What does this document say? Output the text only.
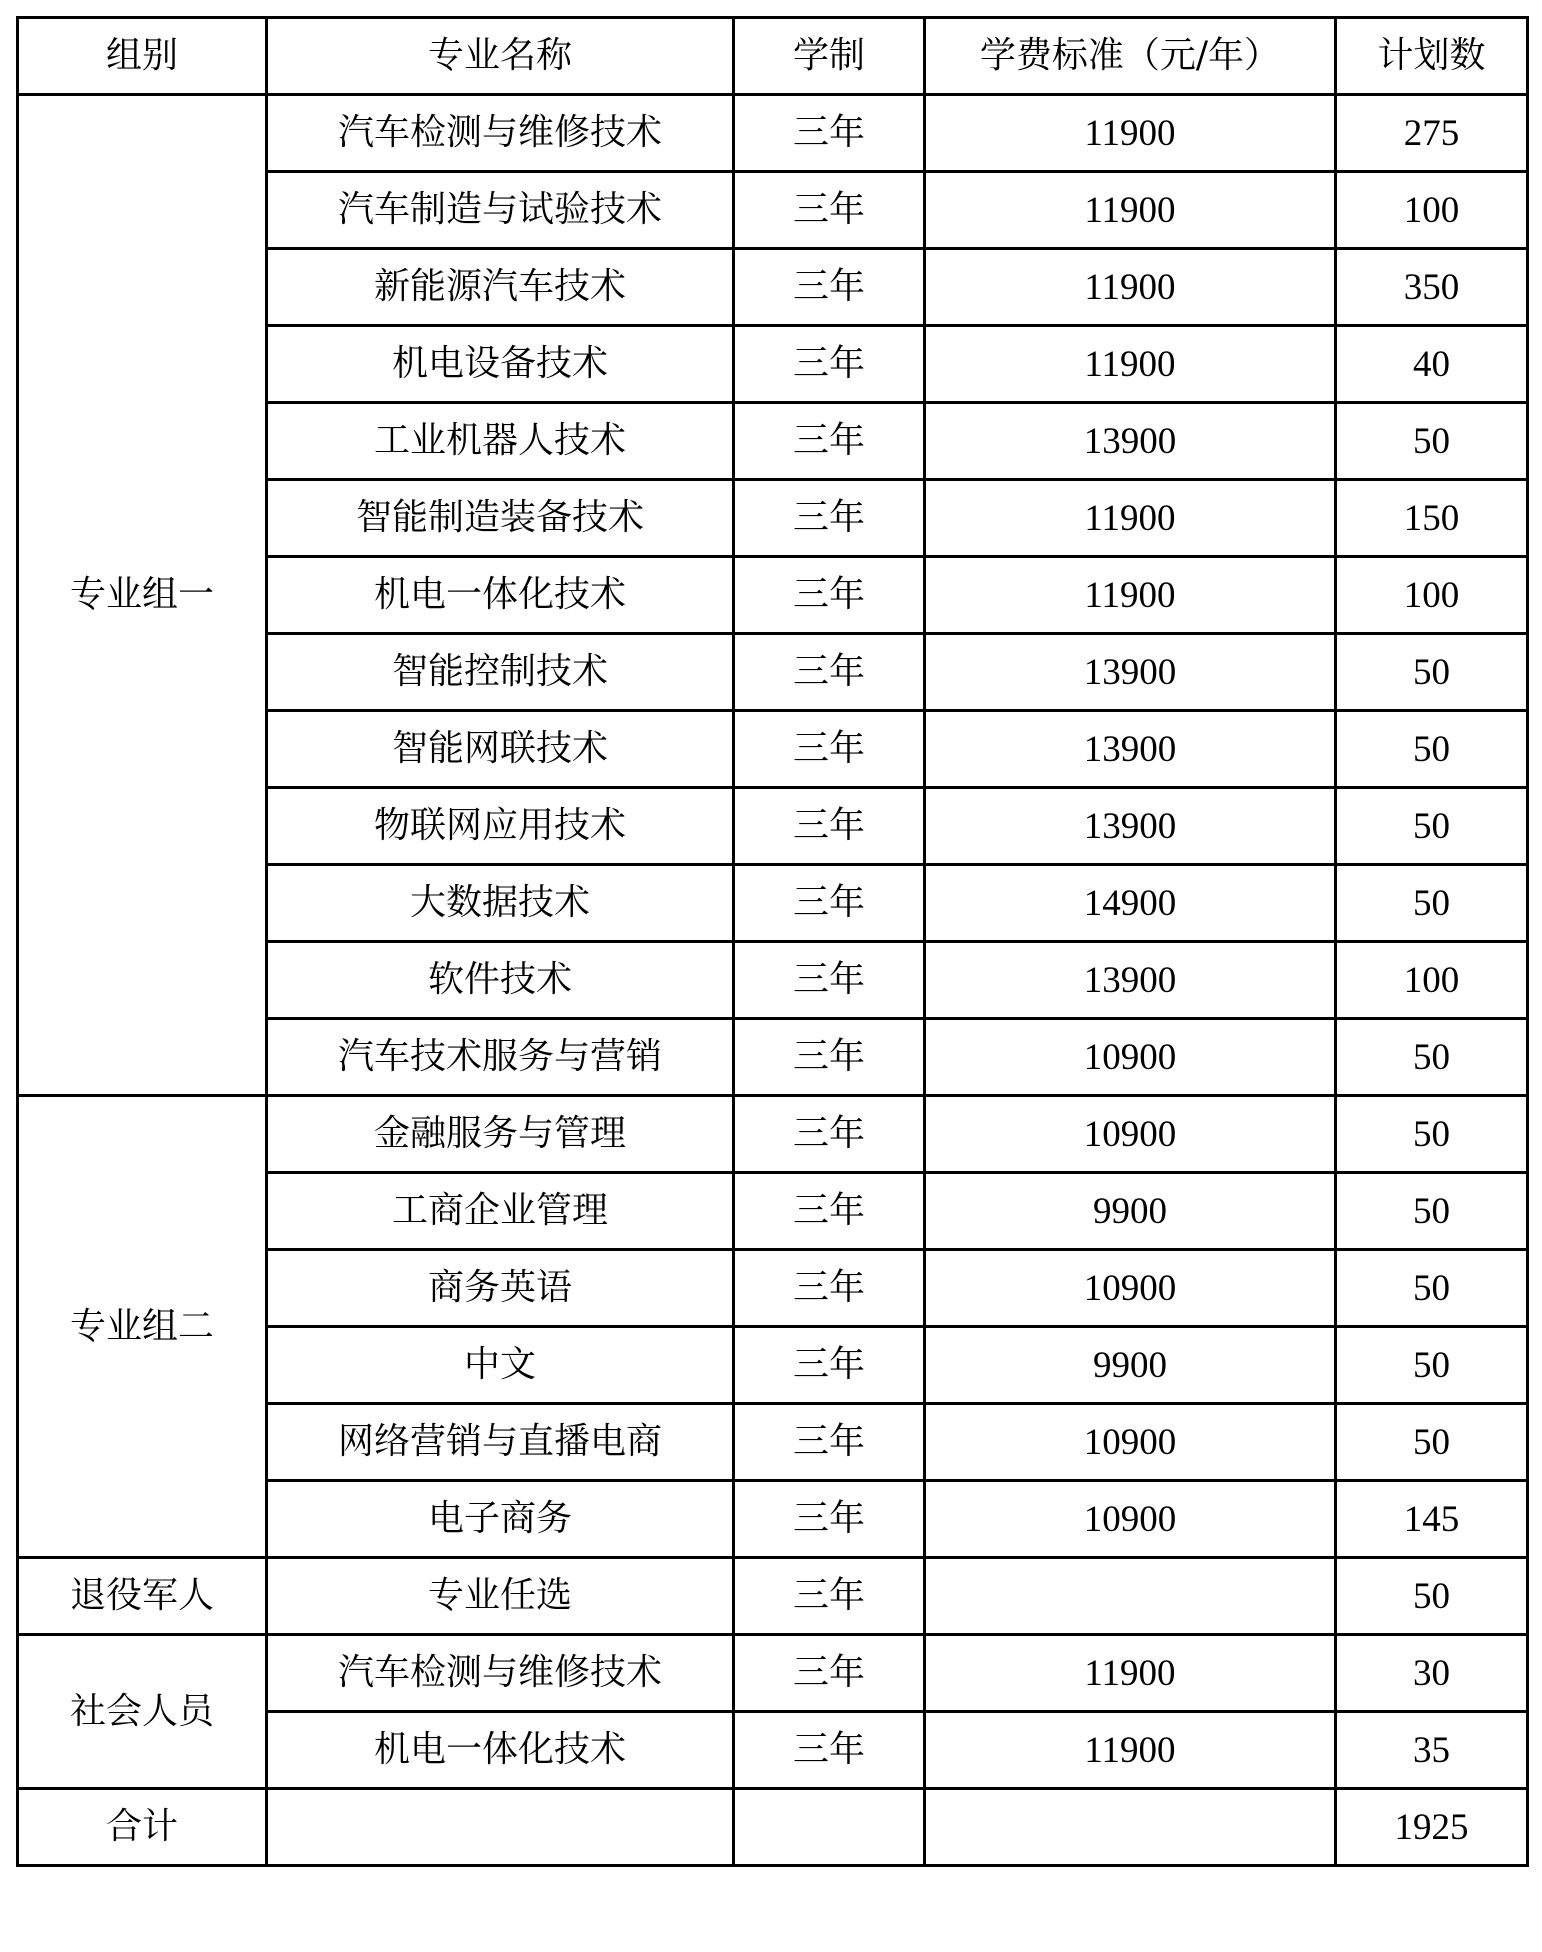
组别	专业名称	学制	学费标准（元/年）	计划数
专业组一	汽车检测与维修技术	三年	11900	275
	汽车制造与试验技术	三年	11900	100
	新能源汽车技术	三年	11900	350
	机电设备技术	三年	11900	40
	工业机器人技术	三年	13900	50
	智能制造装备技术	三年	11900	150
	机电一体化技术	三年	11900	100
	智能控制技术	三年	13900	50
	智能网联技术	三年	13900	50
	物联网应用技术	三年	13900	50
	大数据技术	三年	14900	50
	软件技术	三年	13900	100
	汽车技术服务与营销	三年	10900	50
专业组二	金融服务与管理	三年	10900	50
	工商企业管理	三年	9900	50
	商务英语	三年	10900	50
	中文	三年	9900	50
	网络营销与直播电商	三年	10900	50
	电子商务	三年	10900	145
退役军人	专业任选	三年		50
社会人员	汽车检测与维修技术	三年	11900	30
	机电一体化技术	三年	11900	35
合计				1925
